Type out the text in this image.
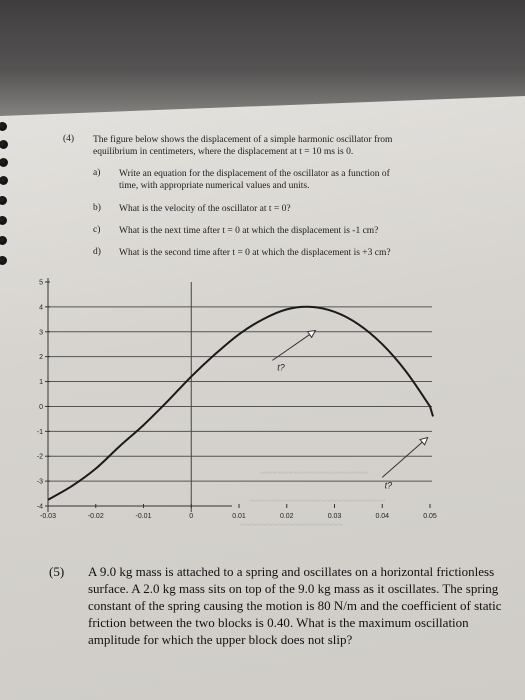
~~~~~~~~~~~~~~~~~~~~
~~~~~~~~~~~~~~~~~~~~~~~~~
~~~~~~~~~~~~~~~~~~~
(4) The figure below shows the displacement of a simple harmonic oscillator from
equilibrium in centimeters, where the displacement at t = 10 ms is 0.
a) Write an equation for the displacement of the oscillator as a function of
time, with appropriate numerical values and units.
b) What is the velocity of the oscillator at t = 0?
c) What is the next time after t = 0 at which the displacement is -1 cm?
d) What is the second time after t = 0 at which the displacement is +3 cm?
5
4
3
2
1
0
-1
-2
-3
-4
-0.03	-0.02	-0.01	0	0.01	0.02	0.03	0.04	0.05
t?
t?
(5) A 9.0 kg mass is attached to a spring and oscillates on a horizontal frictionless
surface. A 2.0 kg mass sits on top of the 9.0 kg mass as it oscillates. The spring
constant of the spring causing the motion is 80 N/m and the coefficient of static
friction between the two blocks is 0.40. What is the maximum oscillation
amplitude for which the upper block does not slip?
